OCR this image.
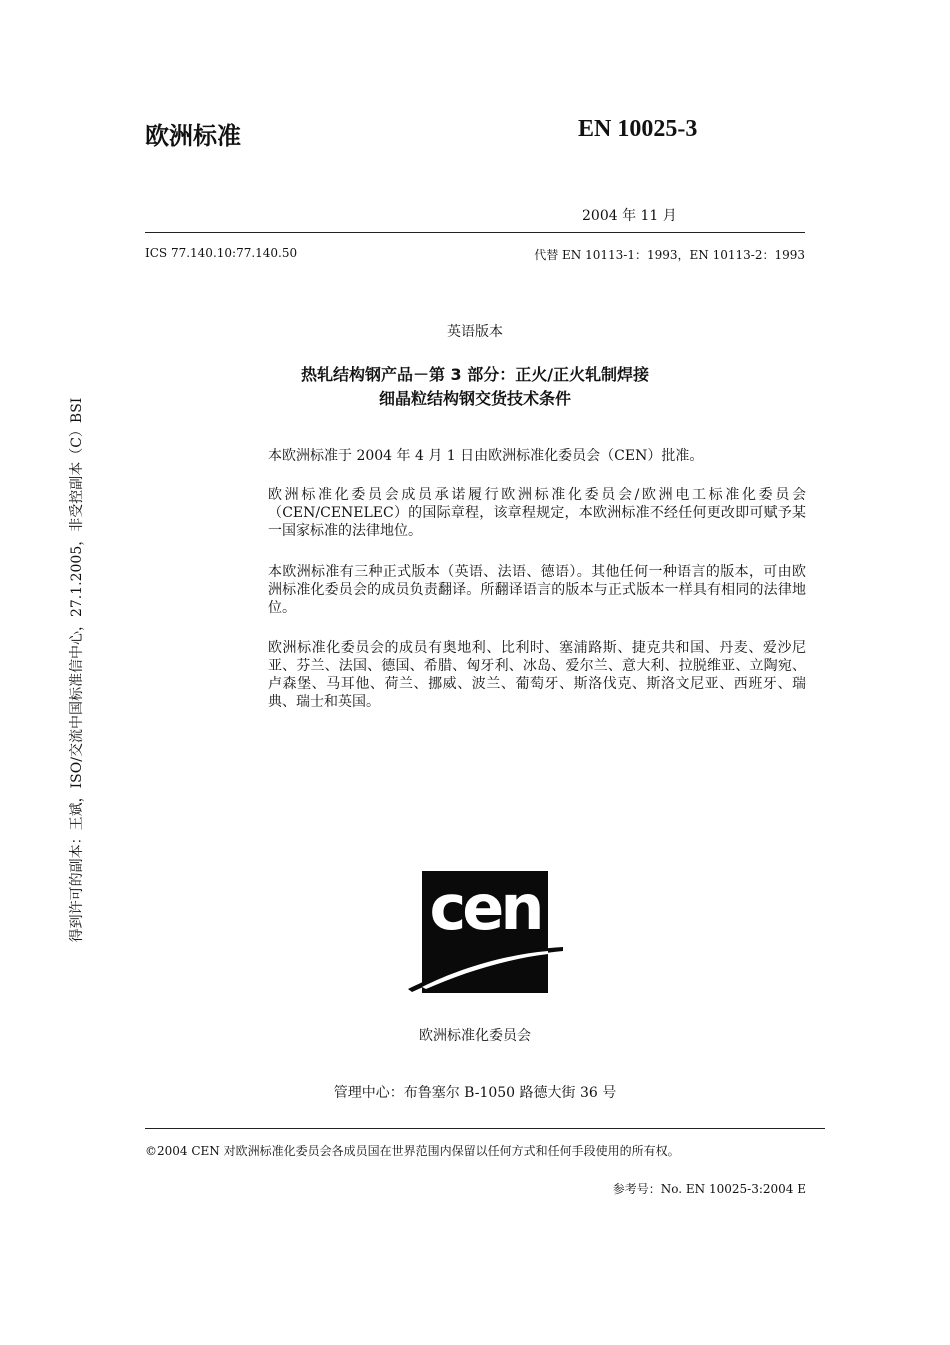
欧洲标准	EN 10025-3
2004 年 11 月
ICS 77.140.10:77.140.50	代替 EN 10113-1：1993，EN 10113-2：1993
英语版本
热轧结构钢产品－第 3 部分：正火/正火轧制焊接
细晶粒结构钢交货技术条件
本欧洲标准于 2004 年 4 月 1 日由欧洲标准化委员会（CEN）批准。
欧洲标准化委员会成员承诺履行欧洲标准化委员会/欧洲电工标准化委员会（CEN/CENELEC）的国际章程，该章程规定，本欧洲标准不经任何更改即可赋予某一国家标准的法律地位。
本欧洲标准有三种正式版本（英语、法语、德语）。其他任何一种语言的版本，可由欧洲标准化委员会的成员负责翻译。所翻译语言的版本与正式版本一样具有相同的法律地位。
欧洲标准化委员会的成员有奥地利、比利时、塞浦路斯、捷克共和国、丹麦、爱沙尼亚、芬兰、法国、德国、希腊、匈牙利、冰岛、爱尔兰、意大利、拉脱维亚、立陶宛、卢森堡、马耳他、荷兰、挪威、波兰、葡萄牙、斯洛伐克、斯洛文尼亚、西班牙、瑞典、瑞士和英国。
得到许可的副本：王斌，ISO/交流中国标准信中心，27.1.2005，非受控副本（C）BSI	cen
欧洲标准化委员会
管理中心：布鲁塞尔 B-1050 路德大街 36 号
©2004 CEN 对欧洲标准化委员会各成员国在世界范围内保留以任何方式和任何手段使用的所有权。
参考号：No. EN 10025-3:2004 E
